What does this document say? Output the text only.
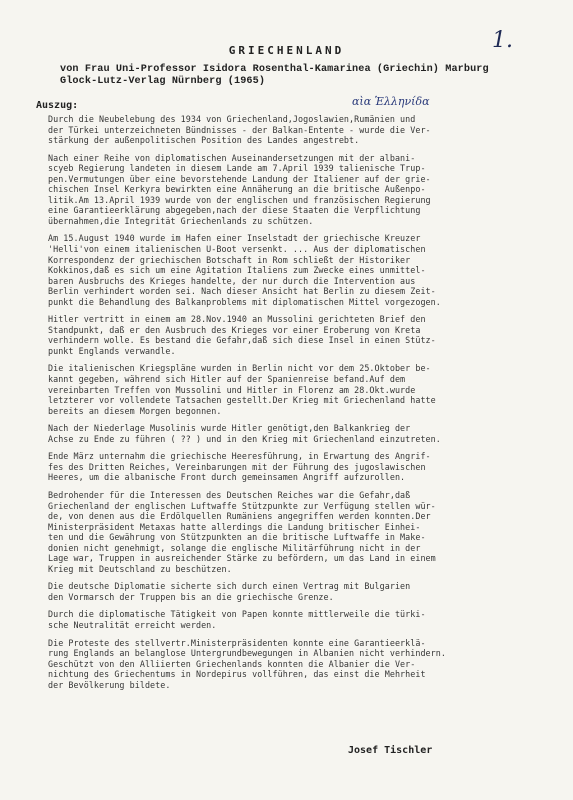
1.
GRIECHENLAND
von Frau Uni-Professor Isidora Rosenthal-Kamarinea (Griechin) Marburg
Glock-Lutz-Verlag Nürnberg (1965)
αὶα Ἑλληνίδα
Auszug:
Durch die Neubelebung des 1934 von Griechenland,Jogoslawien,Rumänien und
der Türkei unterzeichneten Bündnisses - der Balkan-Entente - wurde die Ver-
stärkung der außenpolitischen Position des Landes angestrebt.
Nach einer Reihe von diplomatischen Auseinandersetzungen mit der albani-
scyeb Regierung landeten in diesem Lande am 7.April 1939 talienische Trup-
pen.Vermutungen über eine bevorstehende Landung der Italiener auf der grie-
chischen Insel Kerkyra bewirkten eine Annäherung an die britische Außenpo-
litik.Am 13.April 1939 wurde von der englischen und französischen Regierung
eine Garantieerklärung abgegeben,nach der diese Staaten die Verpflichtung
übernahmen,die Integrität Griechenlands zu schützen.
Am 15.August 1940 wurde im Hafen einer Inselstadt der griechische Kreuzer
'Helli'von einem italienischen U-Boot versenkt. ... Aus der diplomatischen
Korrespondenz der griechischen Botschaft in Rom schließt der Historiker
Kokkinos,daß es sich um eine Agitation Italiens zum Zwecke eines unmittel-
baren Ausbruchs des Krieges handelte, der nur durch die Intervention aus
Berlin verhindert worden sei. Nach dieser Ansicht hat Berlin zu diesem Zeit-
punkt die Behandlung des Balkanproblems mit diplomatischen Mittel vorgezogen.
Hitler vertritt in einem am 28.Nov.1940 an Mussolini gerichteten Brief den
Standpunkt, daß er den Ausbruch des Krieges vor einer Eroberung von Kreta
verhindern wolle. Es bestand die Gefahr,daß sich diese Insel in einen Stütz-
punkt Englands verwandle.
Die italienischen Kriegspläne wurden in Berlin nicht vor dem 25.Oktober be-
kannt gegeben, während sich Hitler auf der Spanienreise befand.Auf dem
vereinbarten Treffen von Mussolini und Hitler in Florenz am 28.Okt.wurde
letzterer vor vollendete Tatsachen gestellt.Der Krieg mit Griechenland hatte
bereits an diesem Morgen begonnen.
Nach der Niederlage Musolinis wurde Hitler genötigt,den Balkankrieg der
Achse zu Ende zu führen ( ?? ) und in den Krieg mit Griechenland einzutreten.
Ende März unternahm die griechische Heeresführung, in Erwartung des Angrif-
fes des Dritten Reiches, Vereinbarungen mit der Führung des jugoslawischen
Heeres, um die albanische Front durch gemeinsamen Angriff aufzurollen.
Bedrohender für die Interessen des Deutschen Reiches war die Gefahr,daß
Griechenland der englischen Luftwaffe Stützpunkte zur Verfügung stellen wür-
de, von denen aus die Erdölquellen Rumäniens angegriffen werden konnten.Der
Ministerpräsident Metaxas hatte allerdings die Landung britischer Einhei-
ten und die Gewährung von Stützpunkten an die britische Luftwaffe in Make-
donien nicht genehmigt, solange die englische Militärführung nicht in der
Lage war, Truppen in ausreichender Stärke zu befördern, um das Land in einem
Krieg mit Deutschland zu beschützen.
Die deutsche Diplomatie sicherte sich durch einen Vertrag mit Bulgarien
den Vormarsch der Truppen bis an die griechische Grenze.
Durch die diplomatische Tätigkeit von Papen konnte mittlerweile die türki-
sche Neutralität erreicht werden.
Die Proteste des stellvertr.Ministerpräsidenten konnte eine Garantieerklä-
rung Englands an belanglose Untergrundbewegungen in Albanien nicht verhindern.
Geschützt von den Alliierten Griechenlands konnten die Albanier die Ver-
nichtung des Griechentums in Nordepirus vollführen, das einst die Mehrheit
der Bevölkerung bildete.
Josef Tischler
